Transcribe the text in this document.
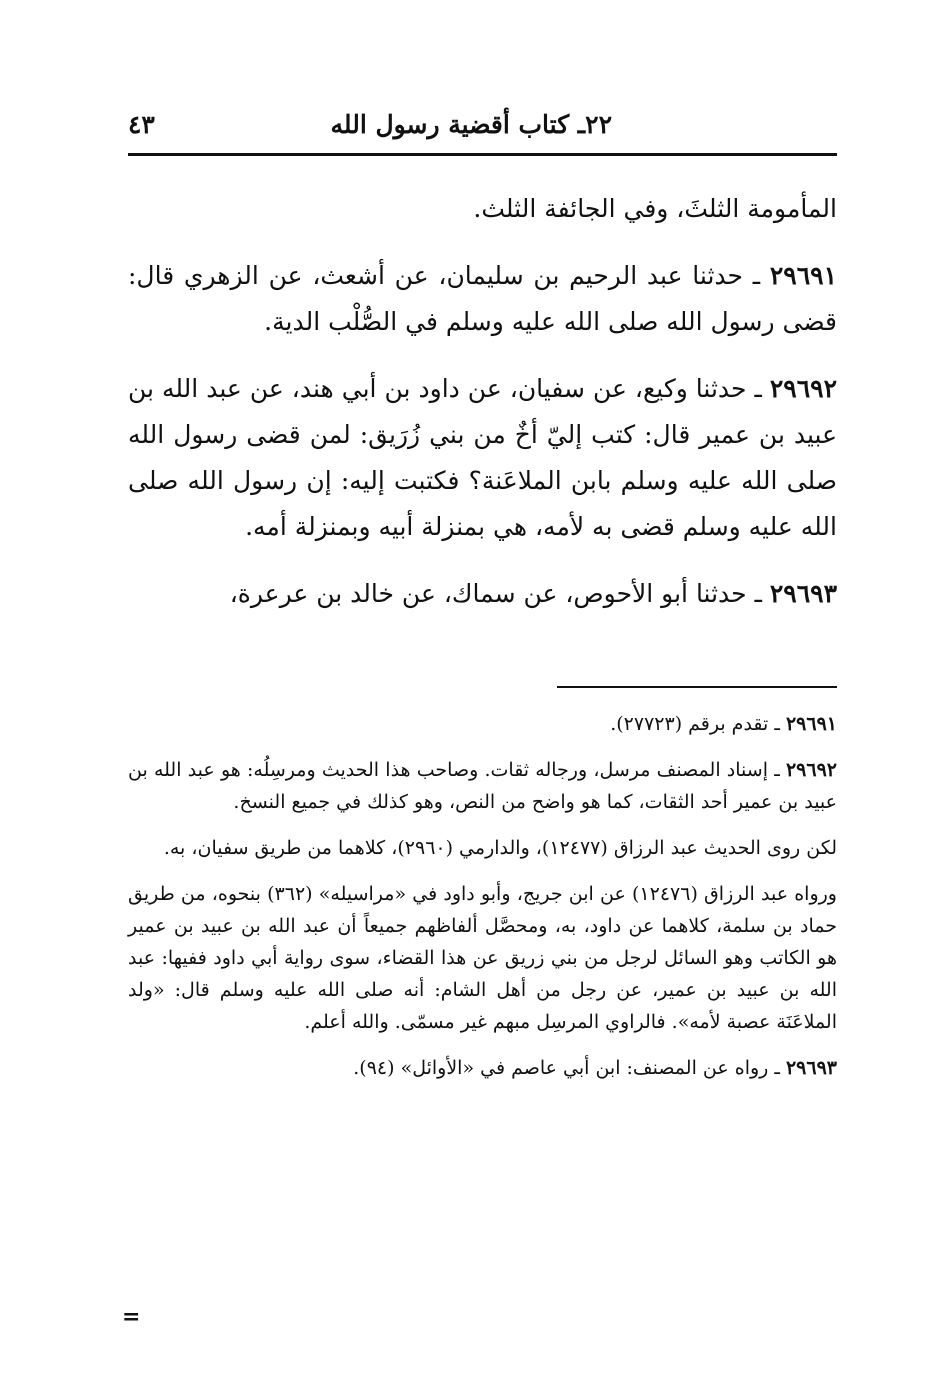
٢٢ـ كتاب أقضية رسول الله
٤٣

المأمومة الثلثَ، وفي الجائفة الثلث.

٢٩٦٩١ ـ حدثنا عبد الرحيم بن سليمان، عن أشعث، عن الزهري قال: قضى رسول الله صلى الله عليه وسلم في الصُّلْب الدية.

٢٩٦٩٢ ـ حدثنا وكيع، عن سفيان، عن داود بن أبي هند، عن عبد الله بن عبيد بن عمير قال: كتب إليّ أخٌ من بني زُرَيق: لمن قضى رسول الله صلى الله عليه وسلم بابن الملاعَنة؟ فكتبت إليه: إن رسول الله صلى الله عليه وسلم قضى به لأمه، هي بمنزلة أبيه وبمنزلة أمه.

٢٩٦٩٣ ـ حدثنا أبو الأحوص، عن سماك، عن خالد بن عرعرة،

٢٩٦٩١ ـ تقدم برقم (٢٧٧٢٣).

٢٩٦٩٢ ـ إسناد المصنف مرسل، ورجاله ثقات. وصاحب هذا الحديث ومرسِلُه: هو عبد الله بن عبيد بن عمير أحد الثقات، كما هو واضح من النص، وهو كذلك في جميع النسخ.

لكن روى الحديث عبد الرزاق (١٢٤٧٧)، والدارمي (٢٩٦٠)، كلاهما من طريق سفيان، به.

ورواه عبد الرزاق (١٢٤٧٦) عن ابن جريج، وأبو داود في «مراسيله» (٣٦٢) بنحوه، من طريق حماد بن سلمة، كلاهما عن داود، به، ومحصَّل ألفاظهم جميعاً أن عبد الله بن عبيد بن عمير هو الكاتب وهو السائل لرجل من بني زريق عن هذا القضاء، سوى رواية أبي داود ففيها: عبد الله بن عبيد بن عمير، عن رجل من أهل الشام: أنه صلى الله عليه وسلم قال: «ولد الملاعَنَة عصبة لأمه». فالراوي المرسِل مبهم غير مسمّى. والله أعلم.

٢٩٦٩٣ ـ رواه عن المصنف: ابن أبي عاصم في «الأوائل» (٩٤).

=
